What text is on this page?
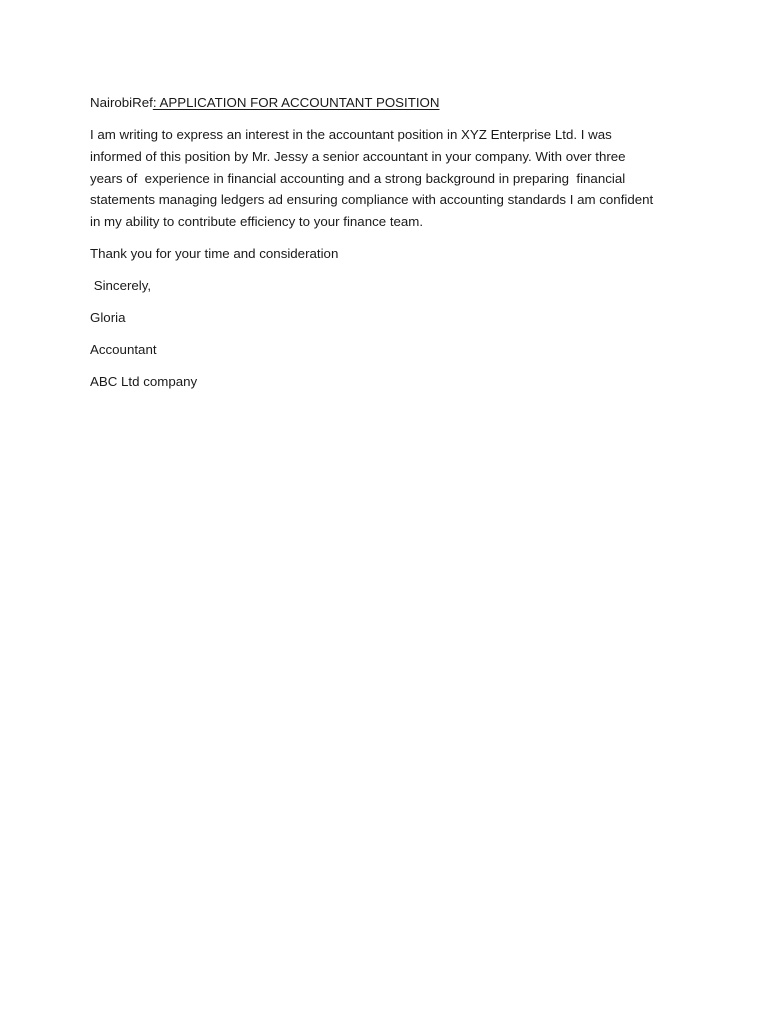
NairobiRef: APPLICATION FOR ACCOUNTANT POSITION

I am writing to express an interest in the accountant position in XYZ Enterprise Ltd. I was
informed of this position by Mr. Jessy a senior accountant in your company. With over three
years of  experience in financial accounting and a strong background in preparing  financial
statements managing ledgers ad ensuring compliance with accounting standards I am confident
in my ability to contribute efficiency to your finance team.

Thank you for your time and consideration

Sincerely,

Gloria

Accountant

ABC Ltd company
